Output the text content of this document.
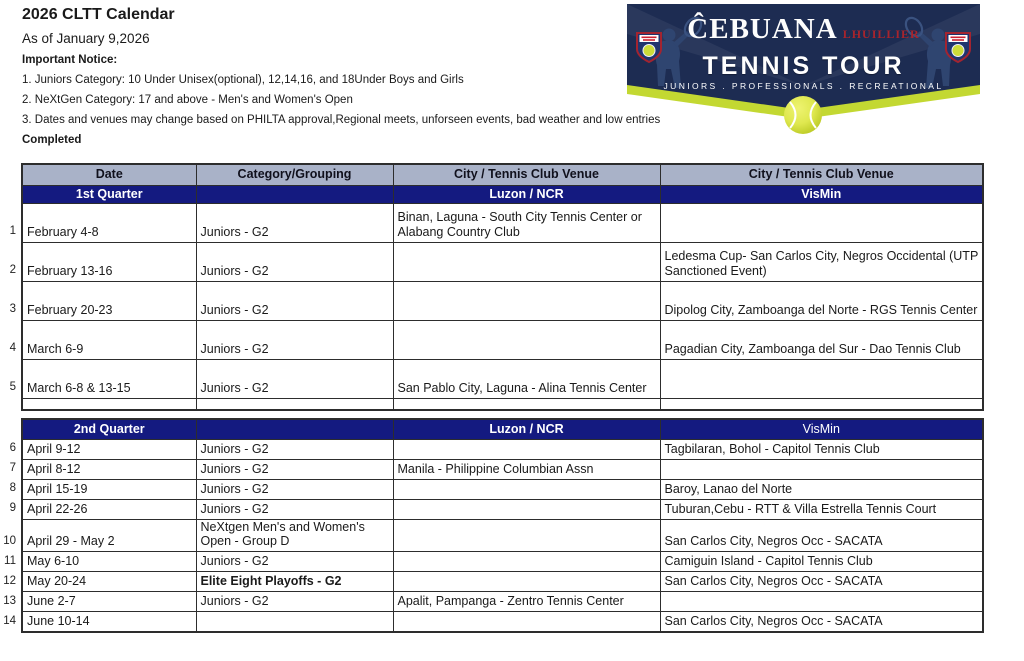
2026 CLTT Calendar
As of January 9,2026
Important Notice:
1. Juniors Category: 10 Under Unisex(optional), 12,14,16, and 18Under Boys and Girls
2. NeXtGen Category: 17 and above - Men's and Women's Open
3. Dates and venues may change based on PHILTA approval,Regional meets, unforseen events, bad weather and low entries
Completed
ĈEBUANA LHUILLIER
TENNIS TOUR
JUNIORS . PROFESSIONALS . RECREATIONAL
	Date	Category/Grouping	City / Tennis Club Venue	City / Tennis Club Venue
	1st Quarter		Luzon / NCR	VisMin
1	February 4-8	Juniors - G2	Binan, Laguna - South City Tennis Center or Alabang Country Club	
2	February 13-16	Juniors - G2		Ledesma Cup- San Carlos City, Negros Occidental (UTP Sanctioned Event)
3	February 20-23	Juniors - G2		Dipolog City, Zamboanga del Norte - RGS Tennis Center
4	March 6-9	Juniors - G2		Pagadian City, Zamboanga del Sur - Dao Tennis Club
5	March 6-8 & 13-15	Juniors - G2	San Pablo City, Laguna - Alina Tennis Center	

	2nd Quarter		Luzon / NCR	VisMin
6	April 9-12	Juniors - G2		Tagbilaran, Bohol - Capitol Tennis Club
7	April 8-12	Juniors - G2	Manila - Philippine Columbian Assn	
8	April 15-19	Juniors - G2		Baroy, Lanao del Norte
9	April 22-26	Juniors - G2		Tuburan,Cebu - RTT & Villa Estrella Tennis Court
10	April 29 - May 2	NeXtgen Men's and Women's Open - Group D		San Carlos City, Negros Occ - SACATA
11	May 6-10	Juniors - G2		Camiguin Island - Capitol Tennis Club
12	May 20-24	Elite Eight Playoffs - G2		San Carlos City, Negros Occ - SACATA
13	June 2-7	Juniors - G2	Apalit, Pampanga - Zentro Tennis Center	
14	June 10-14			San Carlos City, Negros Occ - SACATA
